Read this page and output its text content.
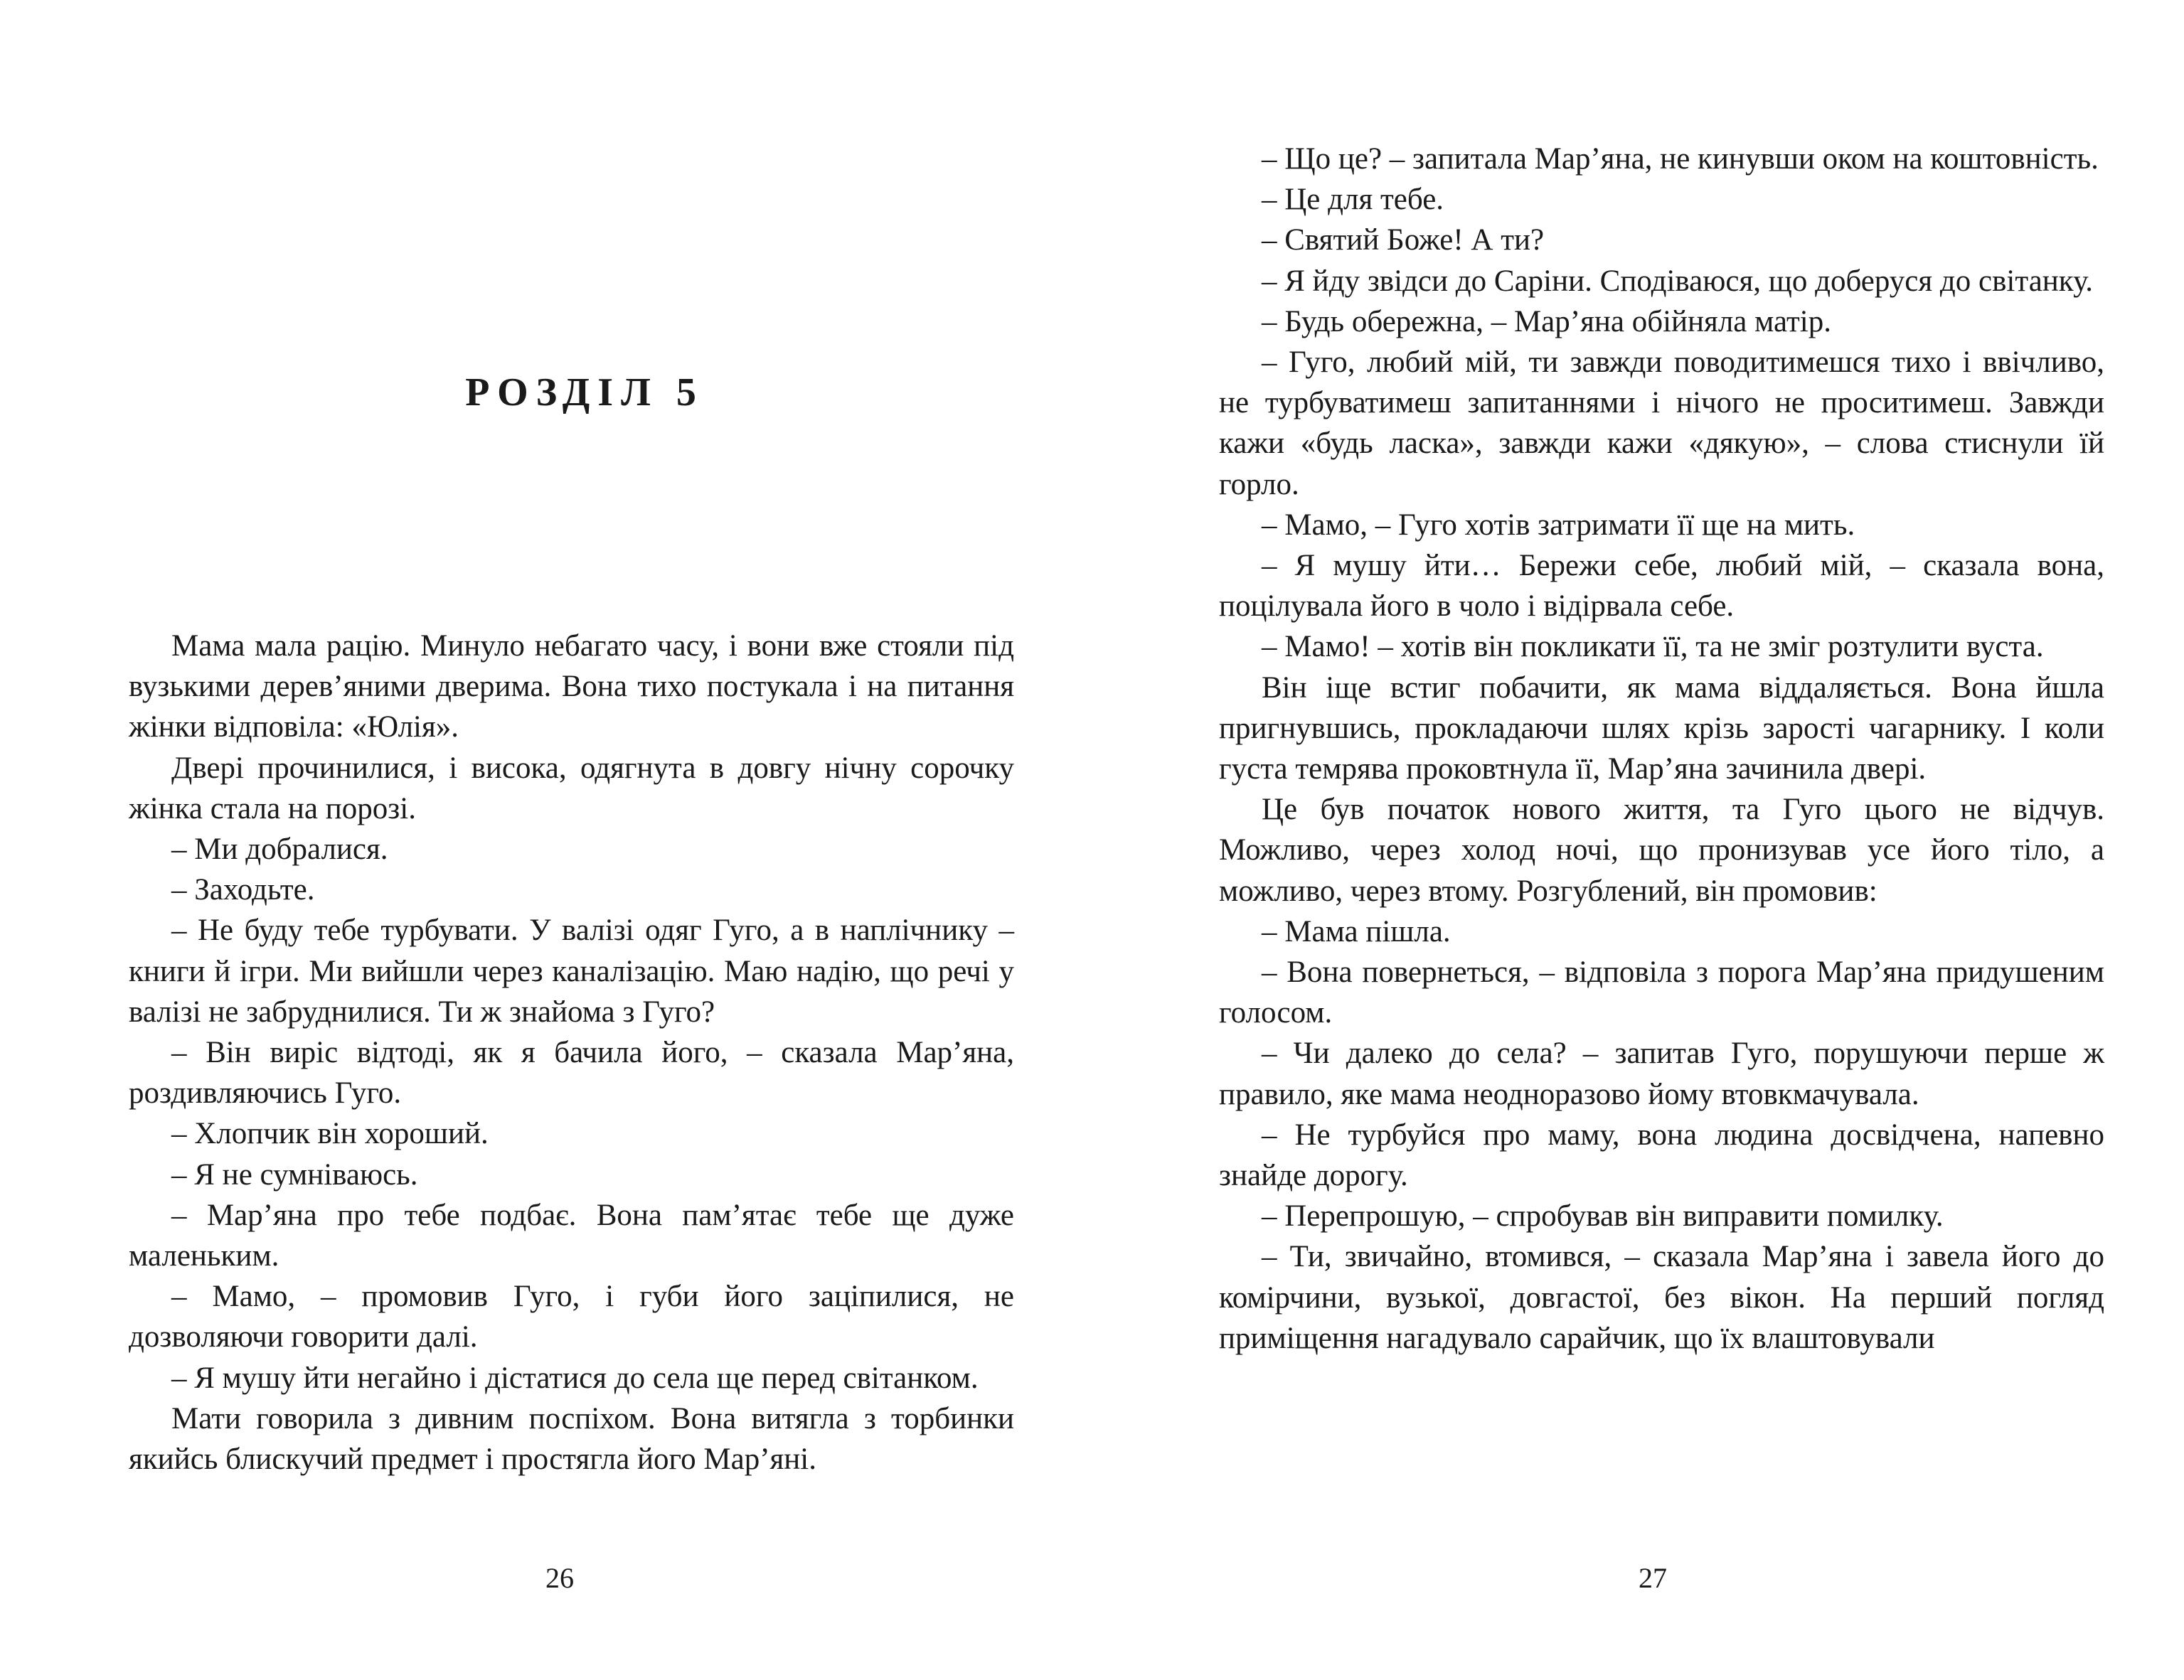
РОЗДІЛ 5

Мама мала рацію. Минуло небагато часу, і вони вже стояли під вузькими дерев’яними дверима. Вона тихо постукала і на питання жінки відповіла: «Юлія».

Двері прочинилися, і висока, одягнута в довгу нічну сорочку жінка стала на порозі.

– Ми добралися.

– Заходьте.

– Не буду тебе турбувати. У валізі одяг Гуго, а в наплічнику – книги й ігри. Ми вийшли через каналізацію. Маю надію, що речі у валізі не забруднилися. Ти ж знайома з Гуго?

– Він виріс відтоді, як я бачила його, – сказала Мар’яна, роздивляючись Гуго.

– Хлопчик він хороший.

– Я не сумніваюсь.

– Мар’яна про тебе подбає. Вона пам’ятає тебе ще дуже маленьким.

– Мамо, – промовив Гуго, і губи його заціпилися, не дозволяючи говорити далі.

– Я мушу йти негайно і дістатися до села ще перед світанком.

Мати говорила з дивним поспіхом. Вона витягла з торбинки якийсь блискучий предмет і простягла його Мар’яні.

26

– Що це? – запитала Мар’яна, не кинувши оком на коштовність.

– Це для тебе.

– Святий Боже! А ти?

– Я йду звідси до Саріни. Сподіваюся, що доберуся до світанку.

– Будь обережна, – Мар’яна обійняла матір.

– Гуго, любий мій, ти завжди поводитимешся тихо і ввічливо, не турбуватимеш запитаннями і нічого не проситимеш. Завжди кажи «будь ласка», завжди кажи «дякую», – слова стиснули їй горло.

– Мамо, – Гуго хотів затримати її ще на мить.

– Я мушу йти… Бережи себе, любий мій, – сказала вона, поцілувала його в чоло і відірвала себе.

– Мамо! – хотів він покликати її, та не зміг розтулити вуста.

Він іще встиг побачити, як мама віддаляється. Вона йшла пригнувшись, прокладаючи шлях крізь зарості чагарнику. І коли густа темрява проковтнула її, Мар’яна зачинила двері.

Це був початок нового життя, та Гуго цього не відчув. Можливо, через холод ночі, що пронизував усе його тіло, а можливо, через втому. Розгублений, він промовив:

– Мама пішла.

– Вона повернеться, – відповіла з порога Мар’яна придушеним голосом.

– Чи далеко до села? – запитав Гуго, порушуючи перше ж правило, яке мама неодноразово йому втовкмачувала.

– Не турбуйся про маму, вона людина досвідчена, напевно знайде дорогу.

– Перепрошую, – спробував він виправити помилку.

– Ти, звичайно, втомився, – сказала Мар’яна і завела його до комірчини, вузької, довгастої, без вікон. На перший погляд приміщення нагадувало сарайчик, що їх влаштовували

27
